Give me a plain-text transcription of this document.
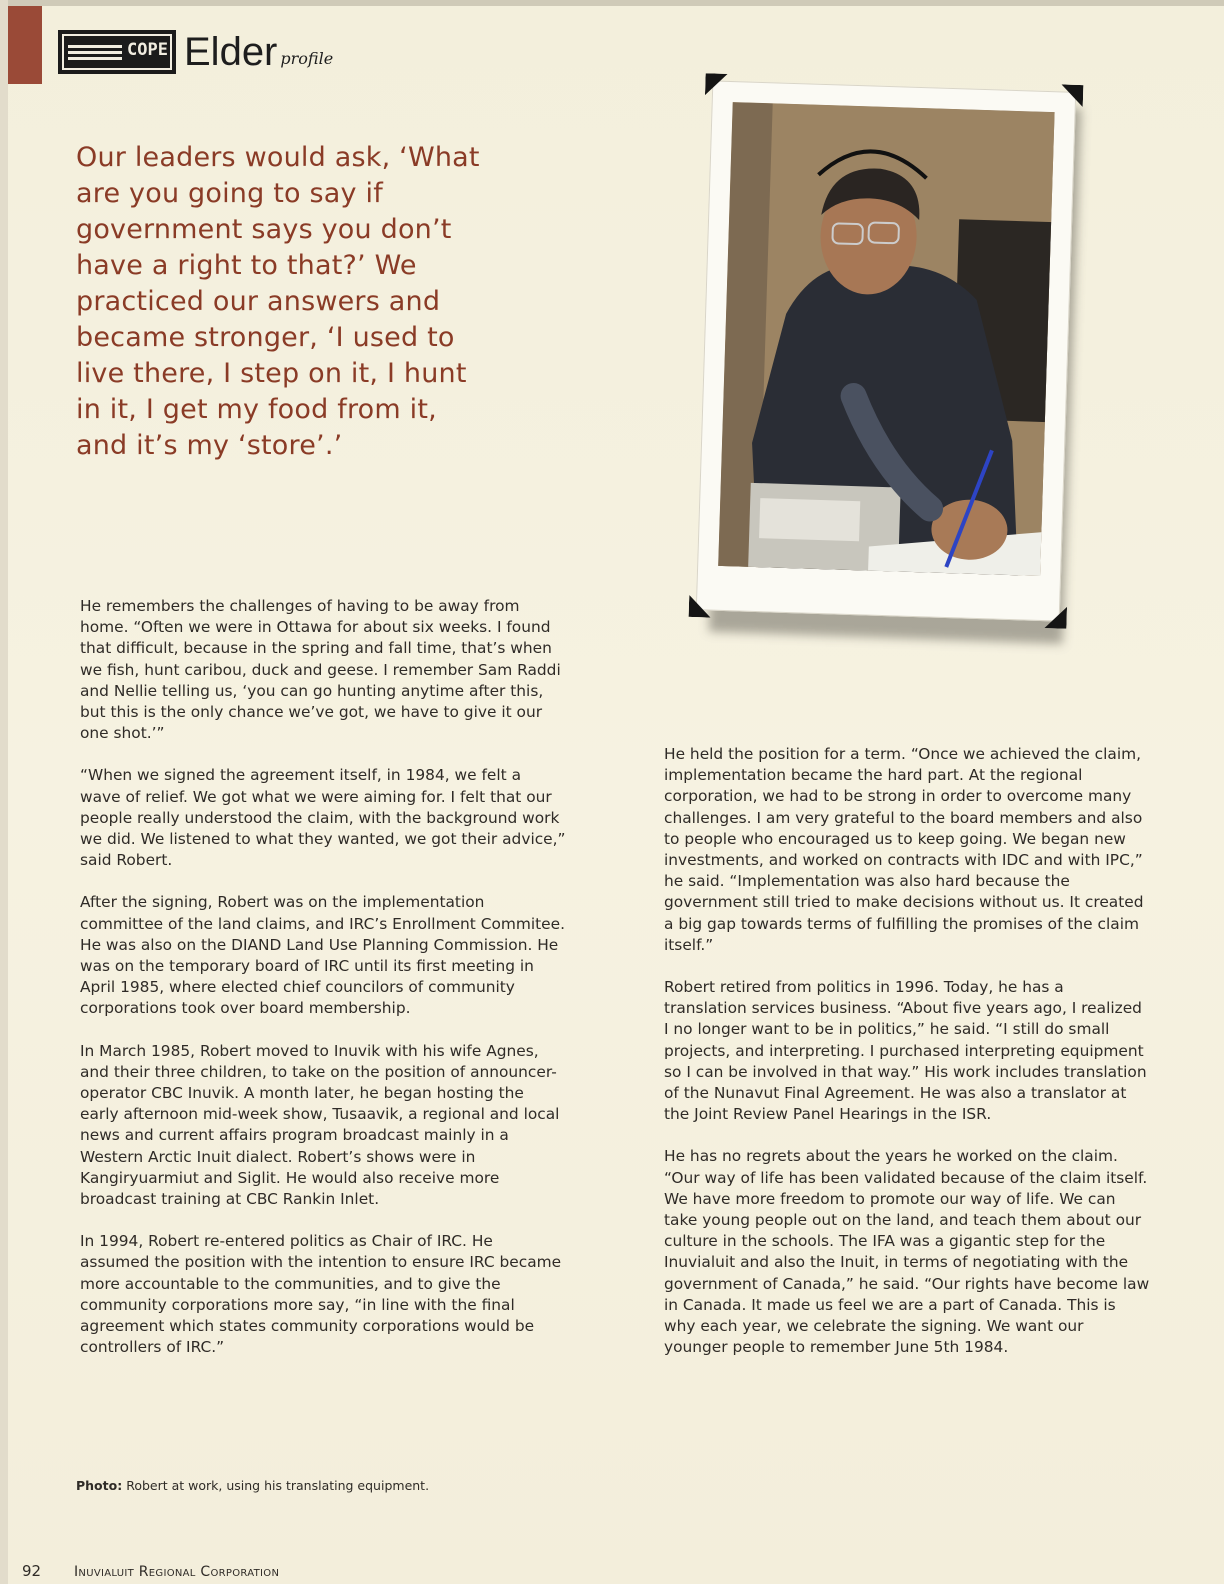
COPE Elder profile
Our leaders would ask, ‘What are you going to say if government says you don’t have a right to that?’ We practiced our answers and became stronger, ‘I used to live there, I step on it, I hunt in it, I get my food from it, and it’s my ‘store’.’

He remembers the challenges of having to be away from home. “Often we were in Ottawa for about six weeks. I found that difficult, because in the spring and fall time, that’s when we fish, hunt caribou, duck and geese. I remember Sam Raddi and Nellie telling us, ‘you can go hunting anytime after this, but this is the only chance we’ve got, we have to give it our one shot.’”

“When we signed the agreement itself, in 1984, we felt a wave of relief. We got what we were aiming for. I felt that our people really understood the claim, with the background work we did. We listened to what they wanted, we got their advice,” said Robert.

After the signing, Robert was on the implementation committee of the land claims, and IRC’s Enrollment Commitee. He was also on the DIAND Land Use Planning Commission. He was on the temporary board of IRC until its first meeting in April 1985, where elected chief councilors of community corporations took over board membership.

In March 1985, Robert moved to Inuvik with his wife Agnes, and their three children, to take on the position of announcer-operator CBC Inuvik. A month later, he began hosting the early afternoon mid-week show, Tusaavik, a regional and local news and current affairs program broadcast mainly in a Western Arctic Inuit dialect. Robert’s shows were in Kangiryuarmiut and Siglit. He would also receive more broadcast training at CBC Rankin Inlet.

In 1994, Robert re-entered politics as Chair of IRC. He assumed the position with the intention to ensure IRC became more accountable to the communities, and to give the community corporations more say, “in line with the final agreement which states community corporations would be controllers of IRC.”

He held the position for a term. “Once we achieved the claim, implementation became the hard part. At the regional corporation, we had to be strong in order to overcome many challenges. I am very grateful to the board members and also to people who encouraged us to keep going. We began new investments, and worked on contracts with IDC and with IPC,” he said. “Implementation was also hard because the government still tried to make decisions without us. It created a big gap towards terms of fulfilling the promises of the claim itself.”

Robert retired from politics in 1996. Today, he has a translation services business. “About five years ago, I realized I no longer want to be in politics,” he said. “I still do small projects, and interpreting. I purchased interpreting equipment so I can be involved in that way.” His work includes translation of the Nunavut Final Agreement. He was also a translator at the Joint Review Panel Hearings in the ISR.

He has no regrets about the years he worked on the claim. “Our way of life has been validated because of the claim itself. We have more freedom to promote our way of life. We can take young people out on the land, and teach them about our culture in the schools. The IFA was a gigantic step for the Inuvialuit and also the Inuit, in terms of negotiating with the government of Canada,” he said. “Our rights have become law in Canada. It made us feel we are a part of Canada. This is why each year, we celebrate the signing. We want our younger people to remember June 5th 1984.

Photo: Robert at work, using his translating equipment.
92	Inuvialuit Regional Corporation
